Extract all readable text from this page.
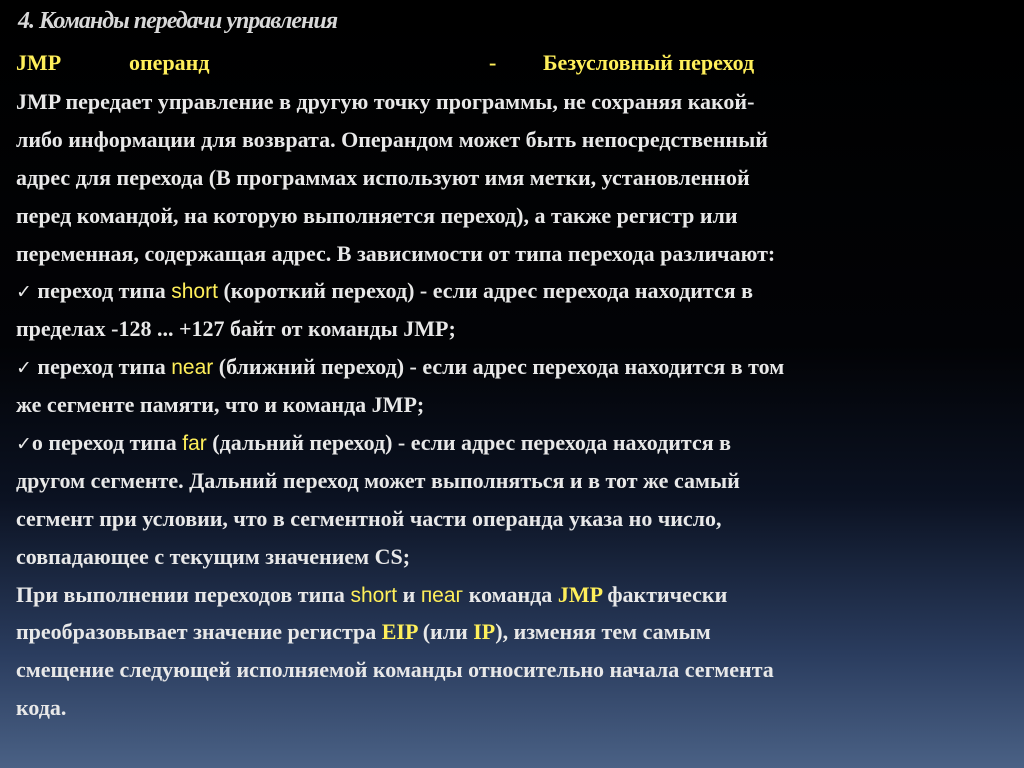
4. Команды передачи управления
JMP	операнд	- Безусловный переход
JMP передает управление в другую точку программы, не сохраняя какой-
либо информации для возврата. Операндом может быть непосредственный
адрес для перехода (В программах используют имя метки, установленной
перед командой, на которую выполняется переход), а также регистр или
переменная, содержащая адрес. В зависимости от типа перехода различают:
✓ переход типа short (короткий переход) - если адрес перехода находится в
пределах -128 ... +127 байт от команды JMP;
✓ переход типа near (ближний переход) - если адрес перехода находится в том
же сегменте памяти, что и команда JMP;
✓о переход типа far (дальний переход) - если адрес перехода находится в
другом сегменте. Дальний переход может выполняться и в тот же самый
сегмент при условии, что в сегментной части операнда указа но число,
совпадающее с текущим значением CS;
При выполнении переходов типа short и пеаг команда JMP фактически
преобразовывает значение регистра EIP (или IP), изменяя тем самым
смещение следующей исполняемой команды относительно начала сегмента
кода.
